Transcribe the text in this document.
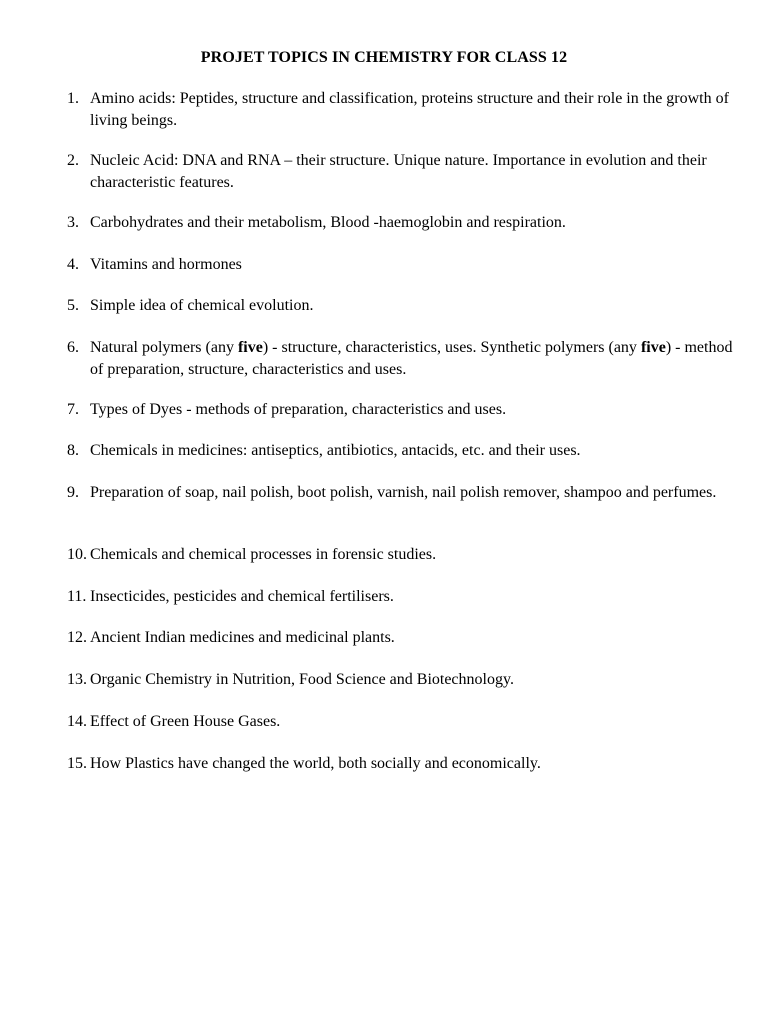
PROJET TOPICS IN CHEMISTRY FOR CLASS 12
1. Amino acids: Peptides, structure and classification, proteins structure and their role in the growth of living beings.
2. Nucleic Acid: DNA and RNA – their structure. Unique nature. Importance in evolution and their characteristic features.
3. Carbohydrates and their metabolism, Blood -haemoglobin and respiration.
4. Vitamins and hormones
5. Simple idea of chemical evolution.
6. Natural polymers (any five) - structure, characteristics, uses. Synthetic polymers (any five) - method of preparation, structure, characteristics and uses.
7. Types of Dyes - methods of preparation, characteristics and uses.
8. Chemicals in medicines: antiseptics, antibiotics, antacids, etc. and their uses.
9. Preparation of soap, nail polish, boot polish, varnish, nail polish remover, shampoo and perfumes.
10. Chemicals and chemical processes in forensic studies.
11. Insecticides, pesticides and chemical fertilisers.
12. Ancient Indian medicines and medicinal plants.
13. Organic Chemistry in Nutrition, Food Science and Biotechnology.
14. Effect of Green House Gases.
15. How Plastics have changed the world, both socially and economically.
